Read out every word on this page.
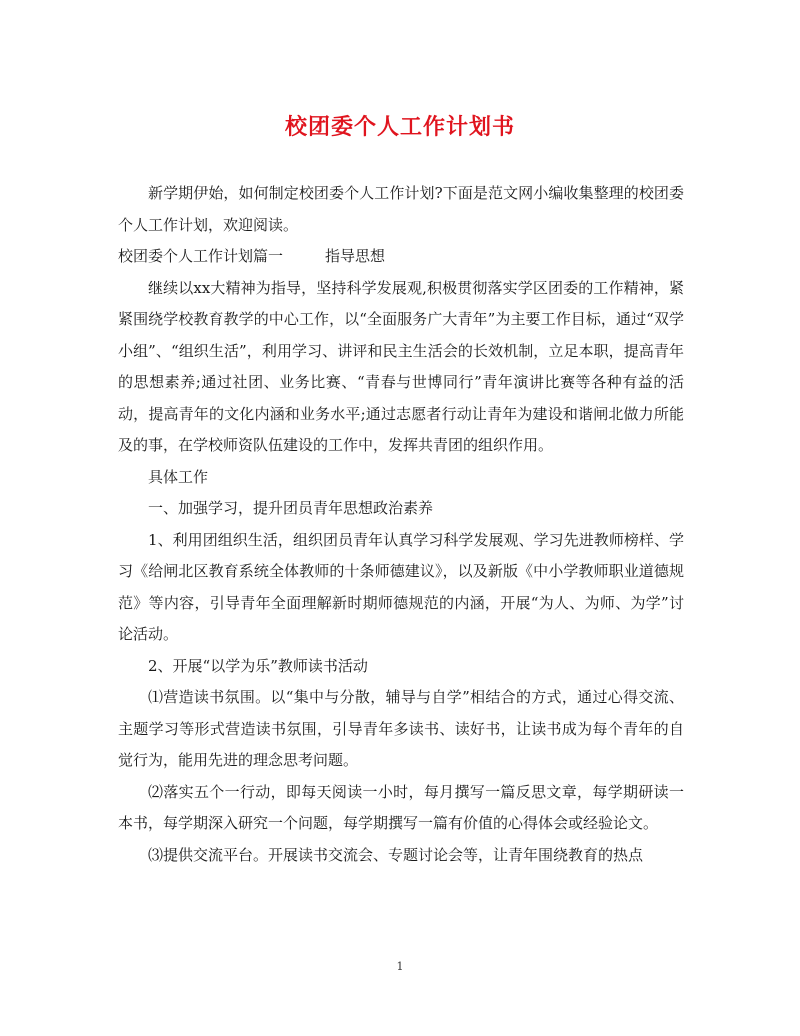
校团委个人工作计划书

新学期伊始，如何制定校团委个人工作计划?下面是范文网小编收集整理的校团委个人工作计划，欢迎阅读。

校团委个人工作计划篇一	指导思想

继续以xx大精神为指导，坚持科学发展观,积极贯彻落实学区团委的工作精神，紧紧围绕学校教育教学的中心工作，以“全面服务广大青年”为主要工作目标，通过“双学小组”、“组织生活”，利用学习、讲评和民主生活会的长效机制，立足本职，提高青年的思想素养;通过社团、业务比赛、“青春与世博同行”青年演讲比赛等各种有益的活动，提高青年的文化内涵和业务水平;通过志愿者行动让青年为建设和谐闸北做力所能及的事，在学校师资队伍建设的工作中，发挥共青团的组织作用。

具体工作

一、加强学习，提升团员青年思想政治素养

1、利用团组织生活，组织团员青年认真学习科学发展观、学习先进教师榜样、学习《给闸北区教育系统全体教师的十条师德建议》，以及新版《中小学教师职业道德规范》等内容，引导青年全面理解新时期师德规范的内涵，开展“为人、为师、为学”讨论活动。

2、开展“以学为乐”教师读书活动

⑴营造读书氛围。以“集中与分散，辅导与自学”相结合的方式，通过心得交流、主题学习等形式营造读书氛围，引导青年多读书、读好书，让读书成为每个青年的自觉行为，能用先进的理念思考问题。

⑵落实五个一行动，即每天阅读一小时，每月撰写一篇反思文章，每学期研读一本书，每学期深入研究一个问题，每学期撰写一篇有价值的心得体会或经验论文。

⑶提供交流平台。开展读书交流会、专题讨论会等，让青年围绕教育的热点

1
